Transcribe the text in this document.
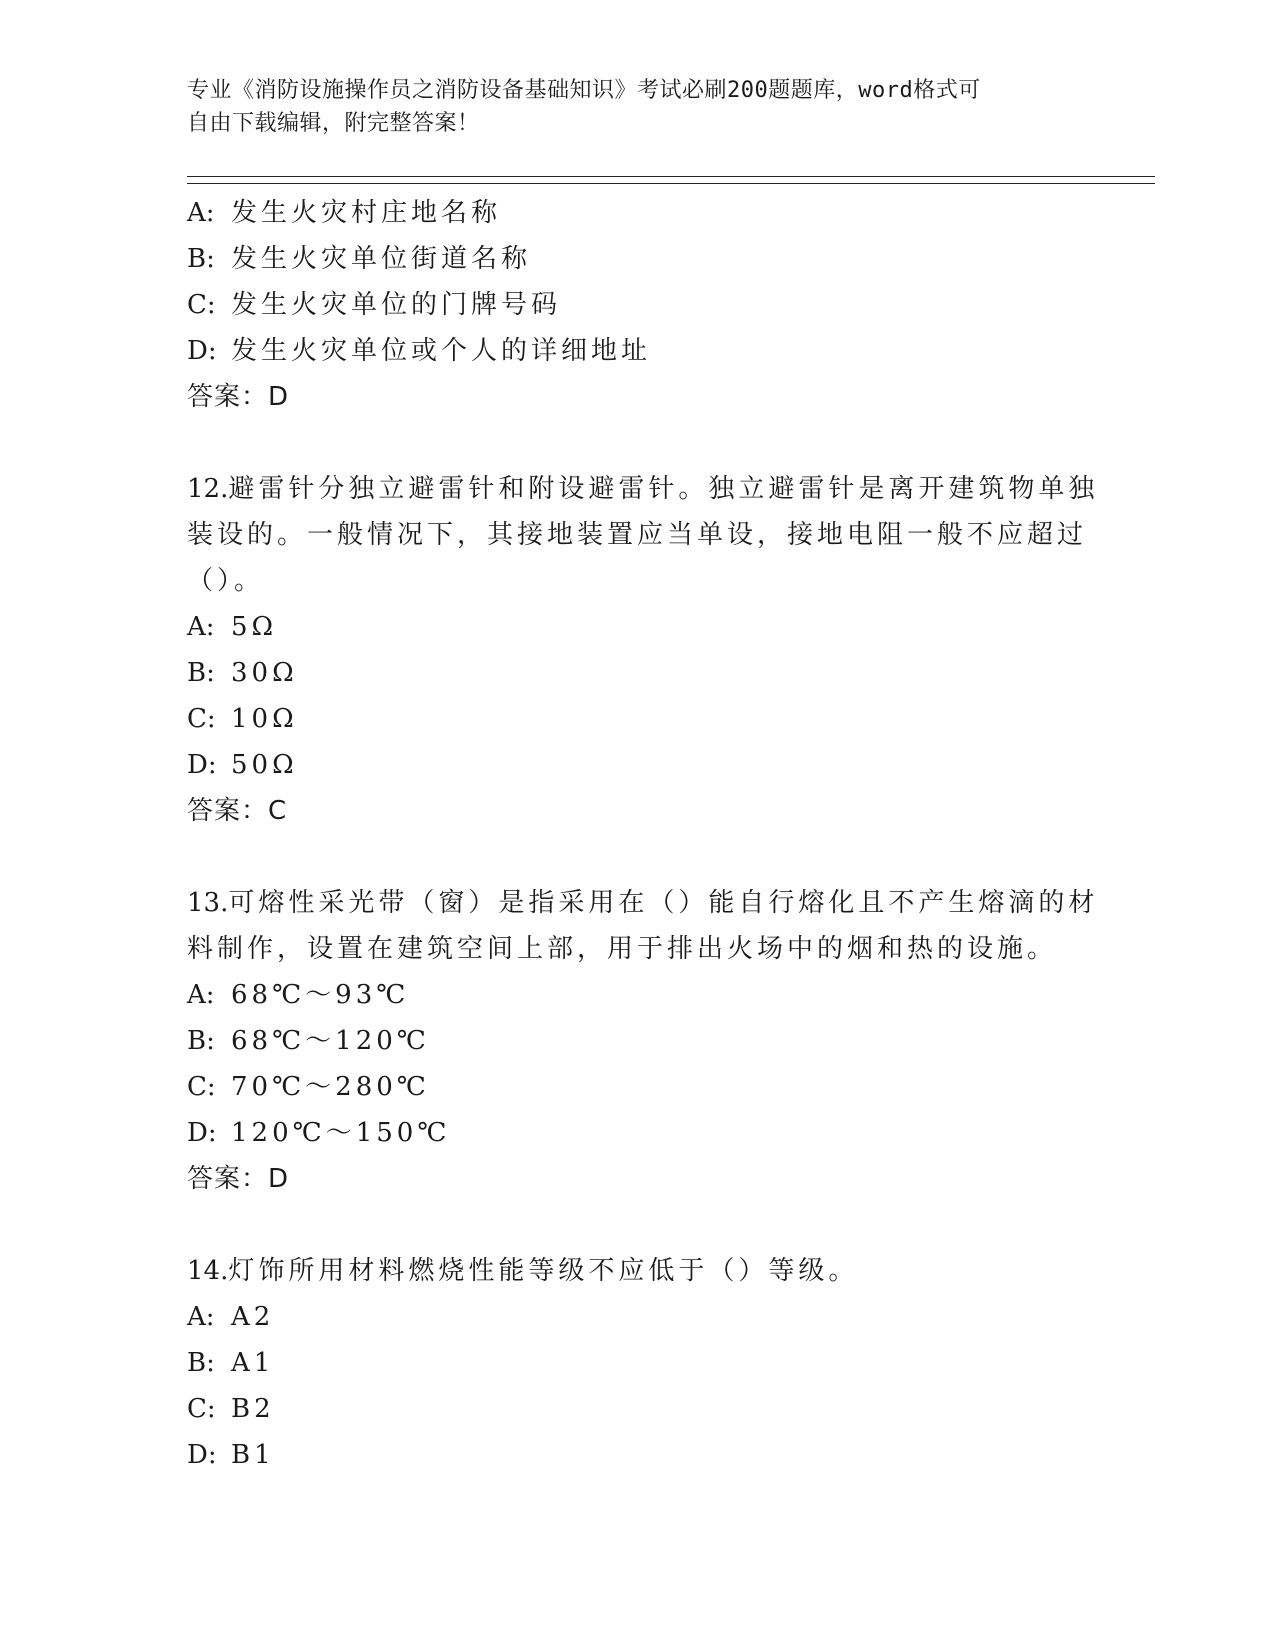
专业《消防设施操作员之消防设备基础知识》考试必刷200题题库，word格式可
自由下载编辑，附完整答案！
A: 发生火灾村庄地名称
B: 发生火灾单位街道名称
C: 发生火灾单位的门牌号码
D: 发生火灾单位或个人的详细地址
答案：D
12.避雷针分独立避雷针和附设避雷针。独立避雷针是离开建筑物单独
装设的。一般情况下，其接地装置应当单设，接地电阻一般不应超过
（）。
A: 5Ω
B: 30Ω
C: 10Ω
D: 50Ω
答案：C
13.可熔性采光带（窗）是指采用在（）能自行熔化且不产生熔滴的材
料制作，设置在建筑空间上部，用于排出火场中的烟和热的设施。
A: 68℃～93℃
B: 68℃～120℃
C: 70℃～280℃
D: 120℃～150℃
答案：D
14.灯饰所用材料燃烧性能等级不应低于（）等级。
A: A2
B: A1
C: B2
D: B1
